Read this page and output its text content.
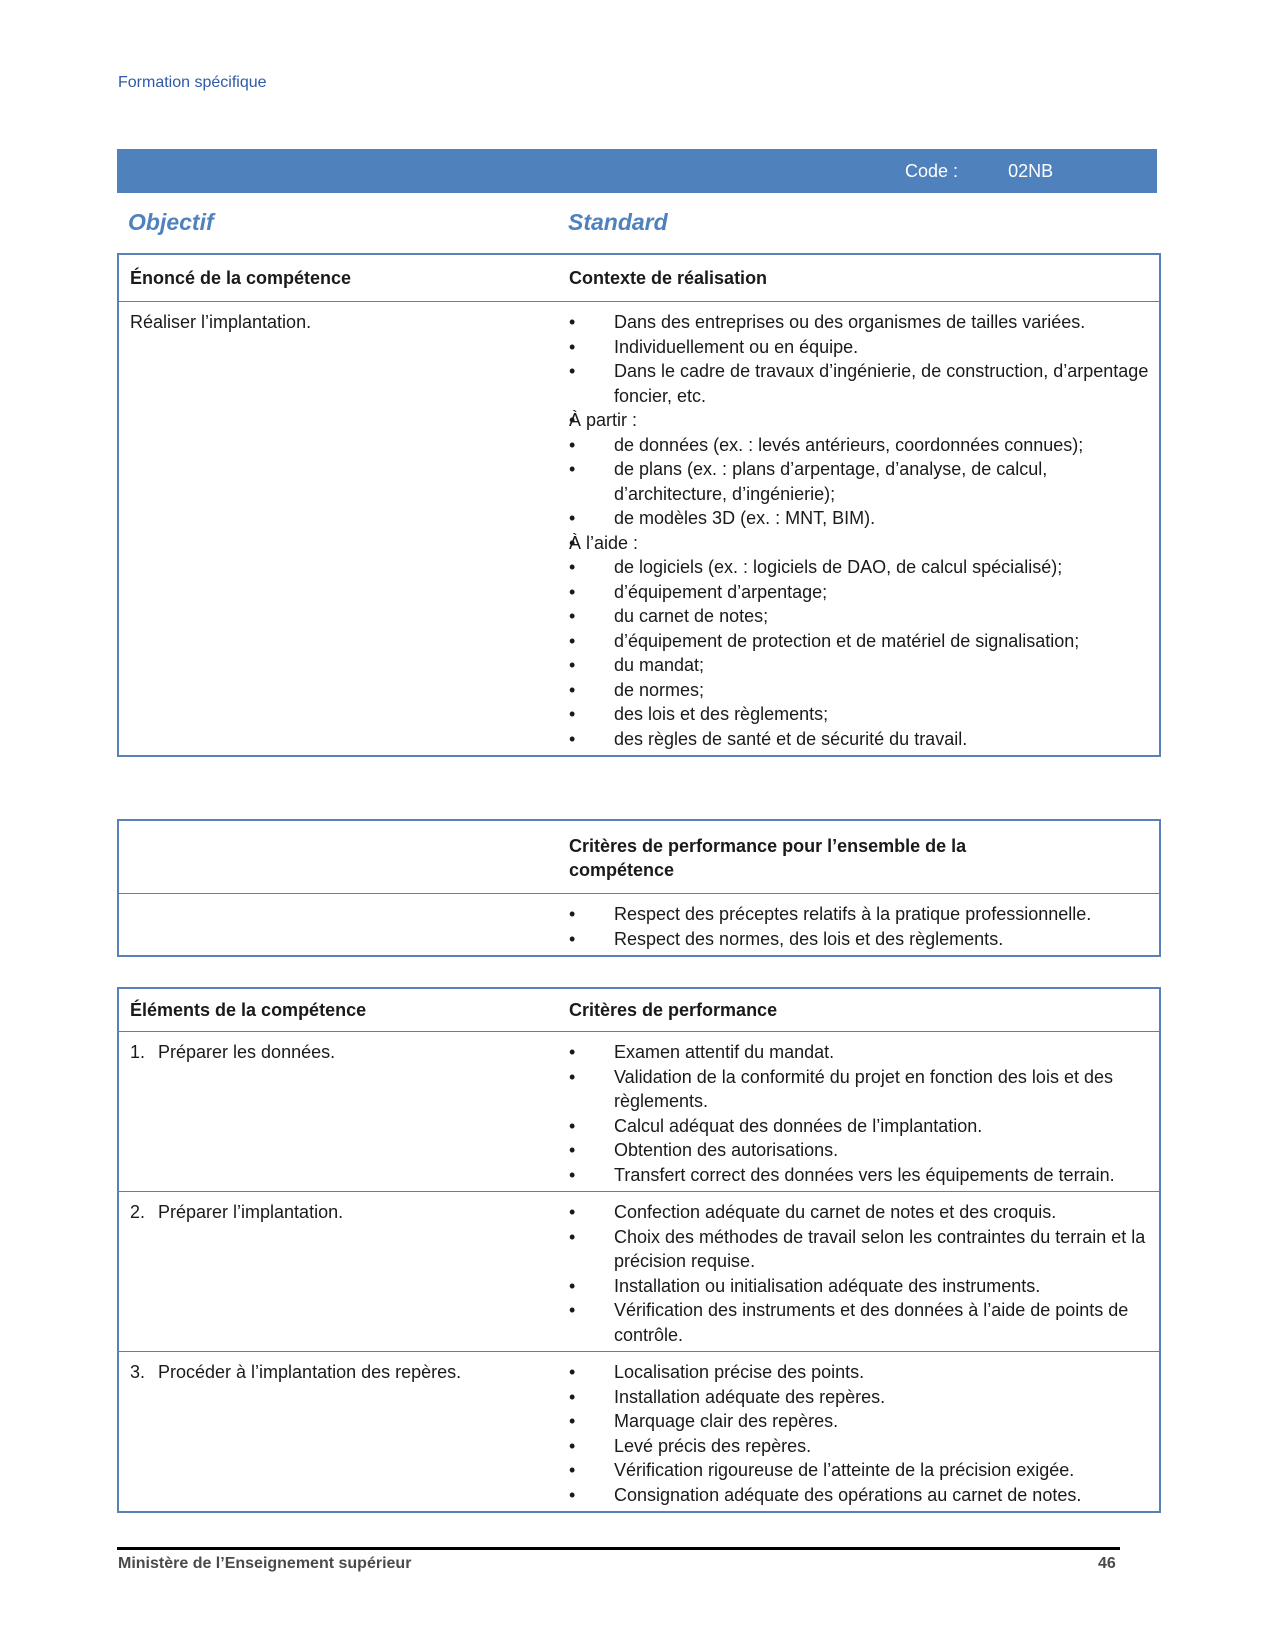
Formation spécifique
Code :	02NB
Objectif	Standard
Énoncé de la compétence	Contexte de réalisation
Réaliser l’implantation.	• Dans des entreprises ou des organismes de tailles variées.
• Individuellement ou en équipe.
• Dans le cadre de travaux d’ingénierie, de construction, d’arpentage foncier, etc.
• À partir :
• de données (ex. : levés antérieurs, coordonnées connues);
• de plans (ex. : plans d’arpentage, d’analyse, de calcul, d’architecture, d’ingénierie);
• de modèles 3D (ex. : MNT, BIM).
• À l’aide :
• de logiciels (ex. : logiciels de DAO, de calcul spécialisé);
• d’équipement d’arpentage;
• du carnet de notes;
• d’équipement de protection et de matériel de signalisation;
• du mandat;
• de normes;
• des lois et des règlements;
• des règles de santé et de sécurité du travail.
Critères de performance pour l’ensemble de la compétence
• Respect des préceptes relatifs à la pratique professionnelle.
• Respect des normes, des lois et des règlements.
Éléments de la compétence	Critères de performance
1. Préparer les données.	• Examen attentif du mandat.
• Validation de la conformité du projet en fonction des lois et des règlements.
• Calcul adéquat des données de l’implantation.
• Obtention des autorisations.
• Transfert correct des données vers les équipements de terrain.
2. Préparer l’implantation.	• Confection adéquate du carnet de notes et des croquis.
• Choix des méthodes de travail selon les contraintes du terrain et la précision requise.
• Installation ou initialisation adéquate des instruments.
• Vérification des instruments et des données à l’aide de points de contrôle.
3. Procéder à l’implantation des repères.	• Localisation précise des points.
• Installation adéquate des repères.
• Marquage clair des repères.
• Levé précis des repères.
• Vérification rigoureuse de l’atteinte de la précision exigée.
• Consignation adéquate des opérations au carnet de notes.
Ministère de l’Enseignement supérieur	46
